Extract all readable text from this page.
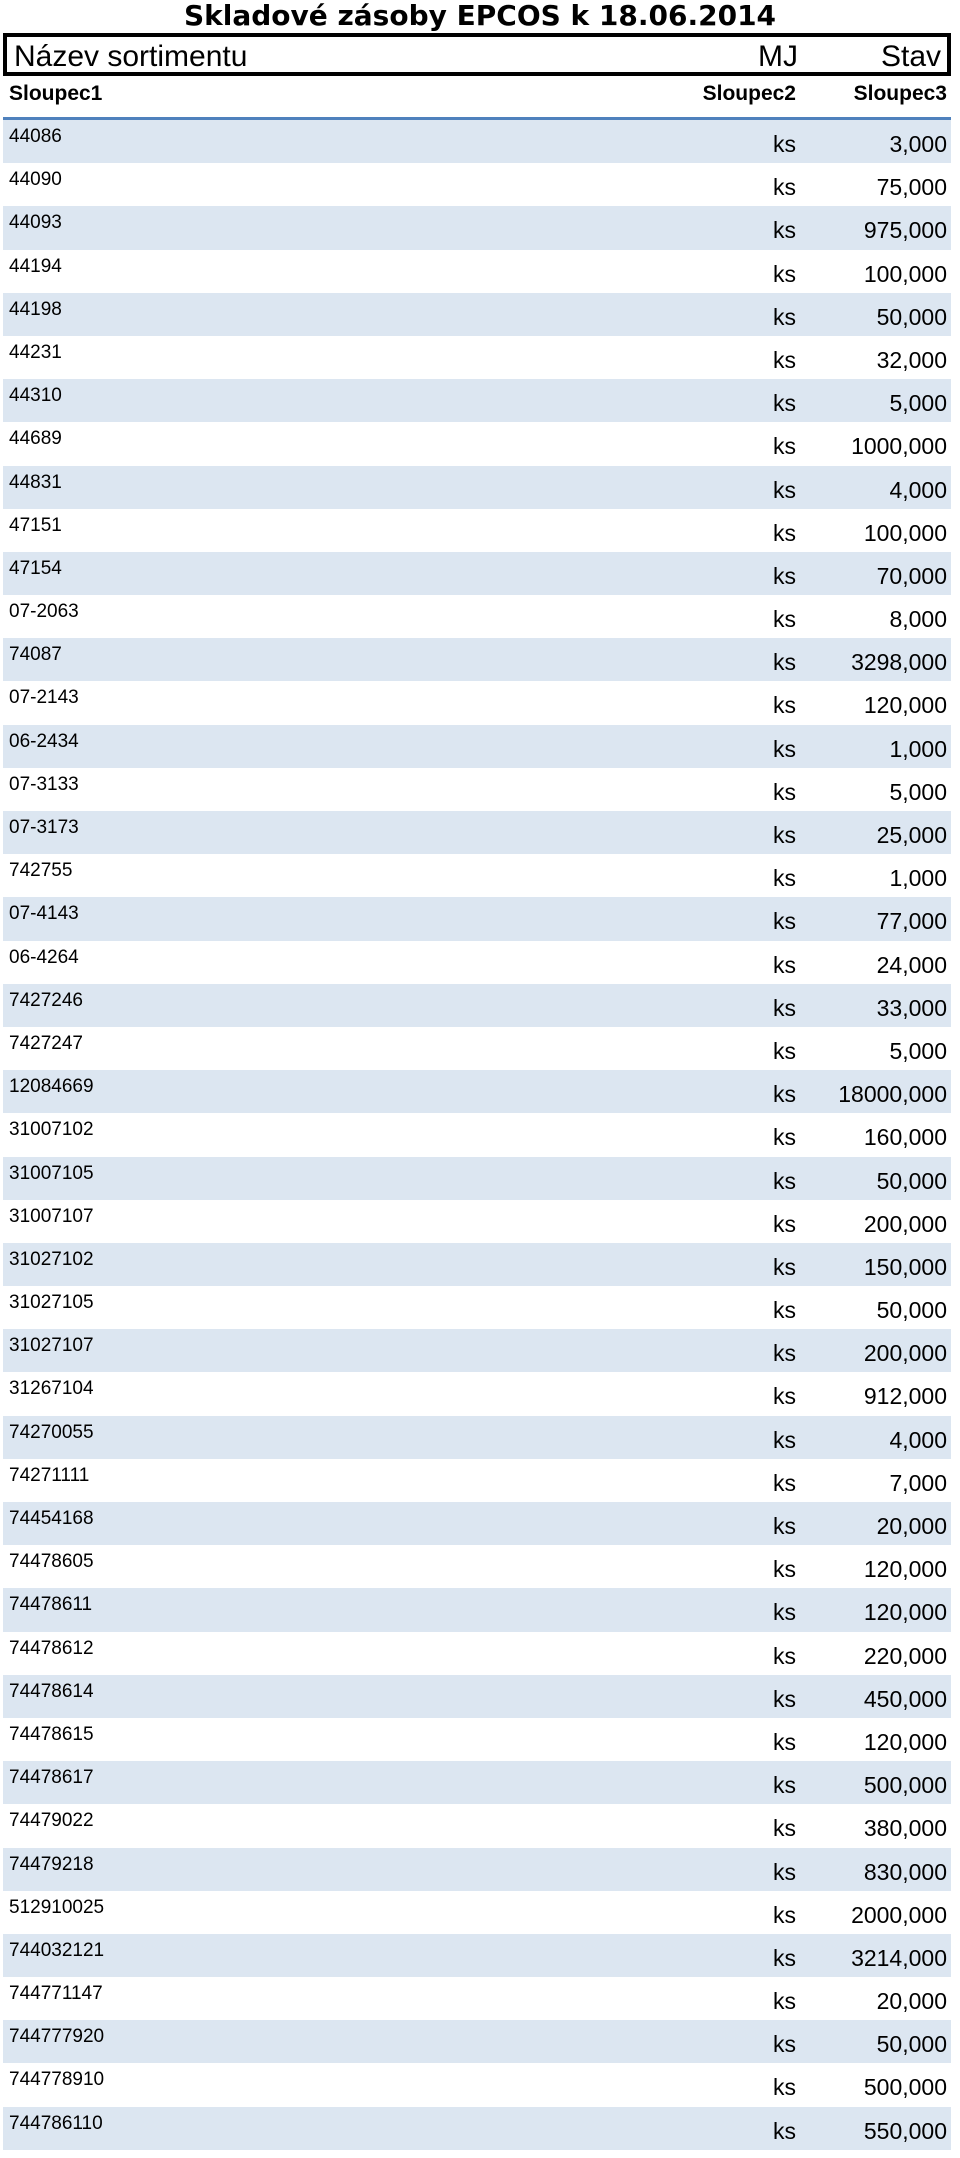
Skladové zásoby EPCOS k 18.06.2014
Název sortimentu	MJ	Stav
Sloupec1	Sloupec2	Sloupec3
44086	ks	3,000
44090	ks	75,000
44093	ks	975,000
44194	ks	100,000
44198	ks	50,000
44231	ks	32,000
44310	ks	5,000
44689	ks 1000,000
44831	ks	4,000
47151	ks	100,000
47154	ks	70,000
07-2063	ks	8,000
74087	ks 3298,000
07-2143	ks	120,000
06-2434	ks	1,000
07-3133	ks	5,000
07-3173	ks	25,000
742755	ks	1,000
07-4143	ks	77,000
06-4264	ks	24,000
7427246	ks	33,000
7427247	ks	5,000
12084669	ks 18000,000
31007102	ks	160,000
31007105	ks	50,000
31007107	ks	200,000
31027102	ks	150,000
31027105	ks	50,000
31027107	ks	200,000
31267104	ks	912,000
74270055	ks	4,000
74271111	ks	7,000
74454168	ks	20,000
74478605	ks	120,000
74478611	ks	120,000
74478612	ks	220,000
74478614	ks	450,000
74478615	ks	120,000
74478617	ks	500,000
74479022	ks	380,000
74479218	ks	830,000
512910025	ks 2000,000
744032121	ks 3214,000
744771147	ks	20,000
744777920	ks	50,000
744778910	ks	500,000
744786110	ks	550,000
